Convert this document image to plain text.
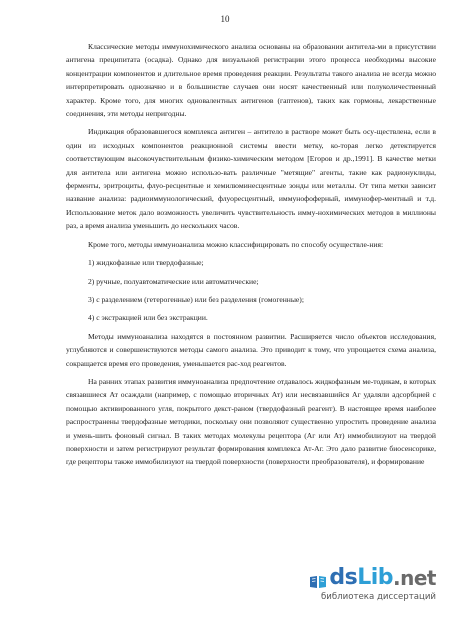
10

Классические методы иммунохимического анализа основаны на образовании антитела-ми в присутствии антигена преципитата (осадка). Однако для визуальной регистрации этого процесса необходимы высокие концентрации компонентов и длительное время проведения реакции. Результаты такого анализа не всегда можно интерпретировать однозначно и в большинстве случаев они носят качественный или полуколичественный характер. Кроме того, для многих одновалентных антигенов (гаптенов), таких как гормоны, лекарственные соединения, эти методы непригодны.

Индикация образовавшегося комплекса антиген – антитело в растворе может быть осу-ществлена, если в один из исходных компонентов реакционной системы ввести метку, ко-торая легко детектируется соответствующим высокочувствительным физико-химическим методом [Егоров и др.,1991]. В качестве метки для антитела или антигена можно использо-вать различные "метящие" агенты, такие как радионуклиды, ферменты, эритроциты, флуо-ресцентные и хемилюминесцентные зонды или металлы. От типа метки зависит название анализа: радиоиммунологический, флуоресцентный, иммунофоферный, иммунофер-ментный и т.д. Использование меток дало возможность увеличить чувствительность имму-нохимических методов в миллионы раз, а время анализа уменьшить до нескольких часов.

Кроме того, методы иммуноанализа можно классифицировать по способу осуществле-ния:

1) жидкофазные или твердофазные;

2) ручные, полуавтоматические или автоматические;

3) с разделением (гетерогенные) или без разделения (гомогенные);

4) с экстракцией или без экстракции.

Методы иммуноанализа находятся в постоянном развитии. Расширяется число объектов исследования, углубляются и совершенствуются методы самого анализа. Это приводит к тому, что упрощается схема анализа, сокращается время его проведения, уменьшается рас-ход реагентов.

На ранних этапах развития иммуноанализа предпочтение отдавалось жидкофазным ме-тодикам, в которых связавшиеся Ат осаждали (например, с помощью вторичных Ат) или несвязавшийся Аг удаляли адсорбцией с помощью активированного угля, покрытого декст-раном (твердофазный реагент). В настоящее время наиболее распространены твердофазные методики, поскольку они позволяют существенно упростить проведение анализа и умень-шить фоновый сигнал. В таких методах молекулы рецептора (Аг или Ат) иммобилизуют на твердой поверхности и затем регистрируют результат формирования комплекса Ат-Аг. Это дало развитие биосенсорике, где рецепторы также иммобилизуют на твердой поверхности (поверхности преобразователя), и формирование

ds Lib .net
библиотека диссертаций
